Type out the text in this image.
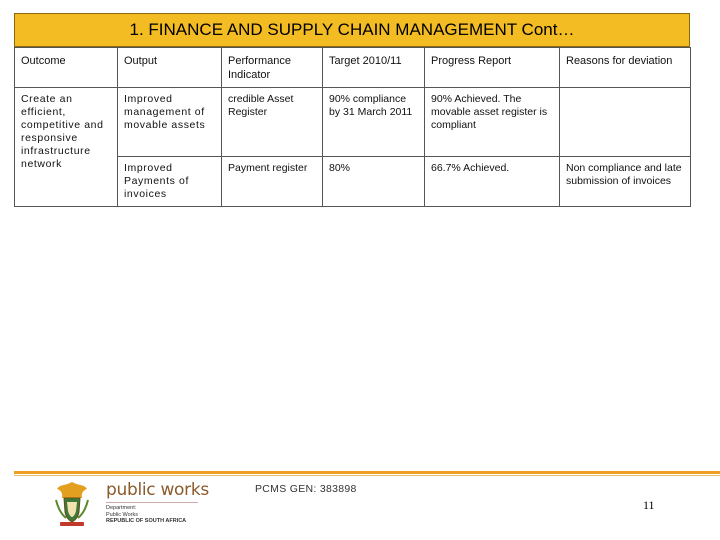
1. FINANCE AND SUPPLY CHAIN MANAGEMENT Cont…
Outcome	Output	Performance Indicator	Target 2010/11	Progress Report	Reasons for deviation
Create an efficient, competitive and responsive infrastructure network	Improved management of movable assets	credible Asset Register	90% compliance by 31 March 2011	90% Achieved. The movable asset register is compliant	
	Improved Payments of invoices	Payment register	80%	66.7% Achieved.	Non compliance and late submission of invoices
public works
Department:
Public Works
REPUBLIC OF SOUTH AFRICA
PCMS GEN: 383898
11
